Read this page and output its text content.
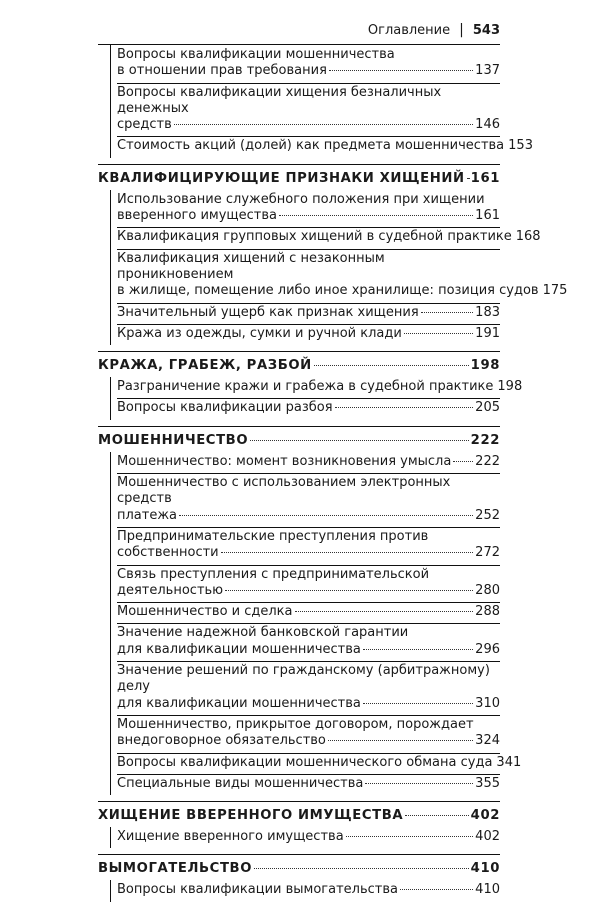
Оглавление | 543
Вопросы квалификации мошенничества
в отношении прав требования	137
Вопросы квалификации хищения безналичных денежных
средств	146
Стоимость акций (долей) как предмета мошенничества 153
КВАЛИФИЦИРУЮЩИЕ ПРИЗНАКИ ХИЩЕНИЙ 161
Использование служебного положения при хищении
вверенного имущества	161
Квалификация групповых хищений в судебной практике 168
Квалификация хищений с незаконным проникновением
в жилище, помещение либо иное хранилище: позиция судов 175
Значительный ущерб как признак хищения	183
Кража из одежды, сумки и ручной клади	191
КРАЖА, ГРАБЕЖ, РАЗБОЙ	198
Разграничение кражи и грабежа в судебной практике 198
Вопросы квалификации разбоя	205
МОШЕННИЧЕСТВО	222
Мошенничество: момент возникновения умысла 222
Мошенничество с использованием электронных средств
платежа	252
Предпринимательские преступления против
собственности	272
Связь преступления с предпринимательской
деятельностью	280
Мошенничество и сделка	288
Значение надежной банковской гарантии
для квалификации мошенничества	296
Значение решений по гражданскому (арбитражному) делу
для квалификации мошенничества	310
Мошенничество, прикрытое договором, порождает
внедоговорное обязательство	324
Вопросы квалификации мошеннического обмана суда 341
Специальные виды мошенничества	355
ХИЩЕНИЕ ВВЕРЕННОГО ИМУЩЕСТВА	402
Хищение вверенного имущества	402
ВЫМОГАТЕЛЬСТВО	410
Вопросы квалификации вымогательства	410
